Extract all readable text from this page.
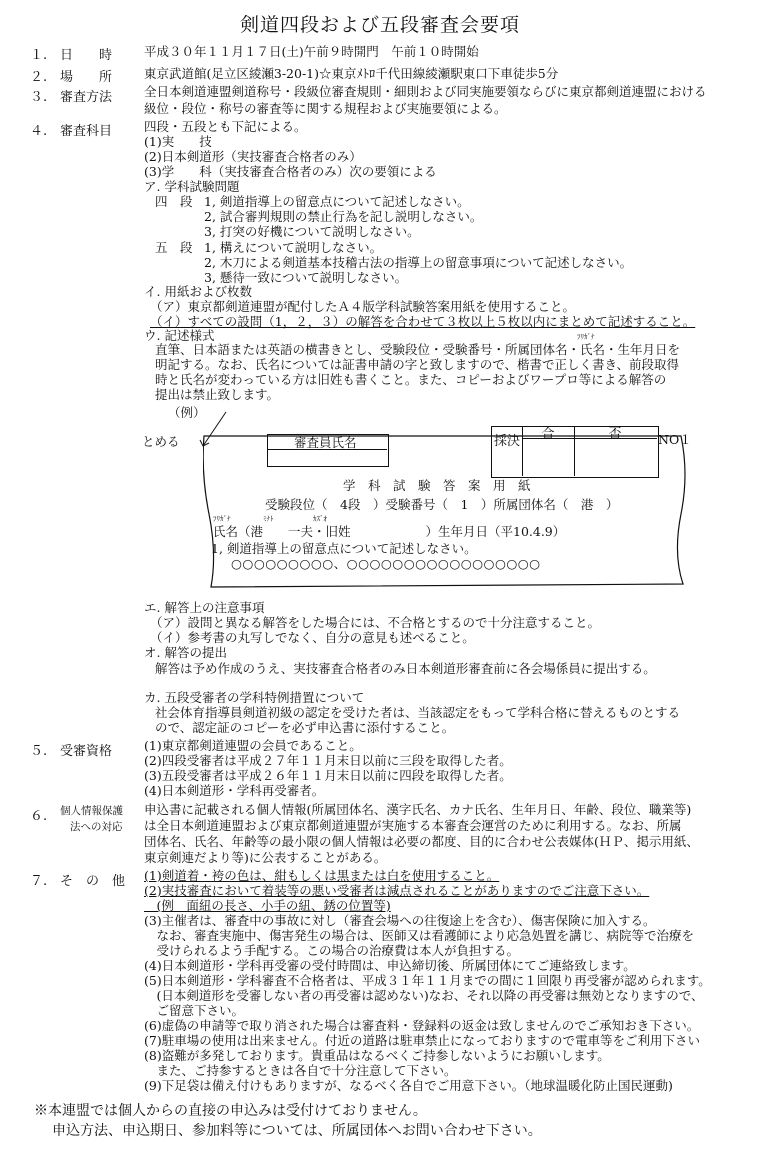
剣道四段および五段審査会要項
１. 日　　時	平成３０年１１月１７日(土)午前９時開門　午前１０時開始
２. 場　　所	東京武道館(足立区綾瀬3-20-1)☆東京ﾒﾄﾛ千代田線綾瀬駅東口下車徒歩5分
３. 審査方法	全日本剣道連盟剣道称号・段級位審査規則・細則および同実施要領ならびに東京都剣道連盟における
級位・段位・称号の審査等に関する規程および実施要領による。
４. 審査科目	四段・五段とも下記による。
(1)実　　技
(2)日本剣道形（実技審査合格者のみ）
(3)学　　科（実技審査合格者のみ）次の要領による
ア. 学科試験問題
四　段 1, 剣道指導上の留意点について記述しなさい。
2, 試合審判規則の禁止行為を記し説明しなさい。
3, 打突の好機について説明しなさい。
五　段 1, 構えについて説明しなさい。
2, 木刀による剣道基本技稽古法の指導上の留意事項について記述しなさい。
3, 懸待一致について説明しなさい。
イ. 用紙および枚数
（ア）東京都剣道連盟が配付したＡ４版学科試験答案用紙を使用すること。
（イ）すべての設問（1，２，３）の解答を合わせて３枚以上５枚以内にまとめて記述すること。
ウ. 記述様式	ﾌﾘｶﾞﾅ
直筆、日本語または英語の横書きとし、受験段位・受験番号・所属団体名・氏名・生年月日を
明記する。なお、氏名については証書申請の字と致しますので、楷書で正しく書き、前段取得
時と氏名が変わっている方は旧姓も書くこと。また、コピーおよびワープロ等による解答の
提出は禁止致します。
（例）
とめる	NO１
審査員氏名	採決	合	否
学　科　試　験　答　案　用　紙
受験段位（　4段　）受験番号（　1　）所属団体名（　港　）
ﾌﾘｶﾞﾅ	ﾐﾅﾄ	ｶｽﾞｵ
氏名（港　　一夫・旧姓　　　　　　）生年月日（平10.4.9）
1, 剣道指導上の留意点について記述しなさい。
○○○○○○○○○、○○○○○○○○○○○○○○○○○
エ. 解答上の注意事項
（ア）設問と異なる解答をした場合には、不合格とするので十分注意すること。
（イ）参考書の丸写しでなく、自分の意見も述べること。
オ. 解答の提出
解答は予め作成のうえ、実技審査合格者のみ日本剣道形審査前に各会場係員に提出する。
カ. 五段受審者の学科特例措置について
社会体育指導員剣道初級の認定を受けた者は、当該認定をもって学科合格に替えるものとする
ので、認定証のコピーを必ず申込書に添付すること。
５. 受審資格	(1)東京都剣道連盟の会員であること。
(2)四段受審者は平成２７年１１月末日以前に三段を取得した者。
(3)五段受審者は平成２６年１１月末日以前に四段を取得した者。
(4)日本剣道形・学科再受審者。
６. 個人情報保護
法への対応
申込書に記載される個人情報(所属団体名、漢字氏名、カナ氏名、生年月日、年齢、段位、職業等)
は全日本剣道連盟および東京都剣道連盟が実施する本審査会運営のために利用する。なお、所属
団体名、氏名、年齢等の最小限の個人情報は必要の都度、目的に合わせ公表媒体(ＨＰ、掲示用紙、
東京剣連だより等)に公表することがある。
７. そ　の　他 (1)剣道着・袴の色は、紺もしくは黒または白を使用すること。
(2)実技審査において着装等の悪い受審者は減点されることがありますのでご注意下さい。
　(例　面紐の長さ、小手の紐、銹の位置等)
(3)主催者は、審査中の事故に対し（審査会場への往復途上を含む）、傷害保険に加入する。
　なお、審査実施中、傷害発生の場合は、医師又は看護師により応急処置を講じ、病院等で治療を
　受けられるよう手配する。この場合の治療費は本人が負担する。
(4)日本剣道形・学科再受審の受付時間は、申込締切後、所属団体にてご連絡致します。
(5)日本剣道形・学科審査不合格者は、平成３１年１１月までの間に１回限り再受審が認められます。
　(日本剣道形を受審しない者の再受審は認めない)なお、それ以降の再受審は無効となりますので、
　ご留意下さい。
(6)虚偽の申請等で取り消された場合は審査料・登録料の返金は致しませんのでご承知おき下さい。
(7)駐車場の使用は出来ません。付近の道路は駐車禁止になっておりますので電車等をご利用下さい
(8)盗難が多発しております。貴重品はなるべくご持参しないようにお願いします。
　また、ご持参するときは各自で十分注意して下さい。
(9)下足袋は備え付けもありますが、なるべく各自でご用意下さい。（地球温暖化防止国民運動)
※本連盟では個人からの直接の申込みは受付けておりません。
申込方法、申込期日、参加料等については、所属団体へお問い合わせ下さい。
